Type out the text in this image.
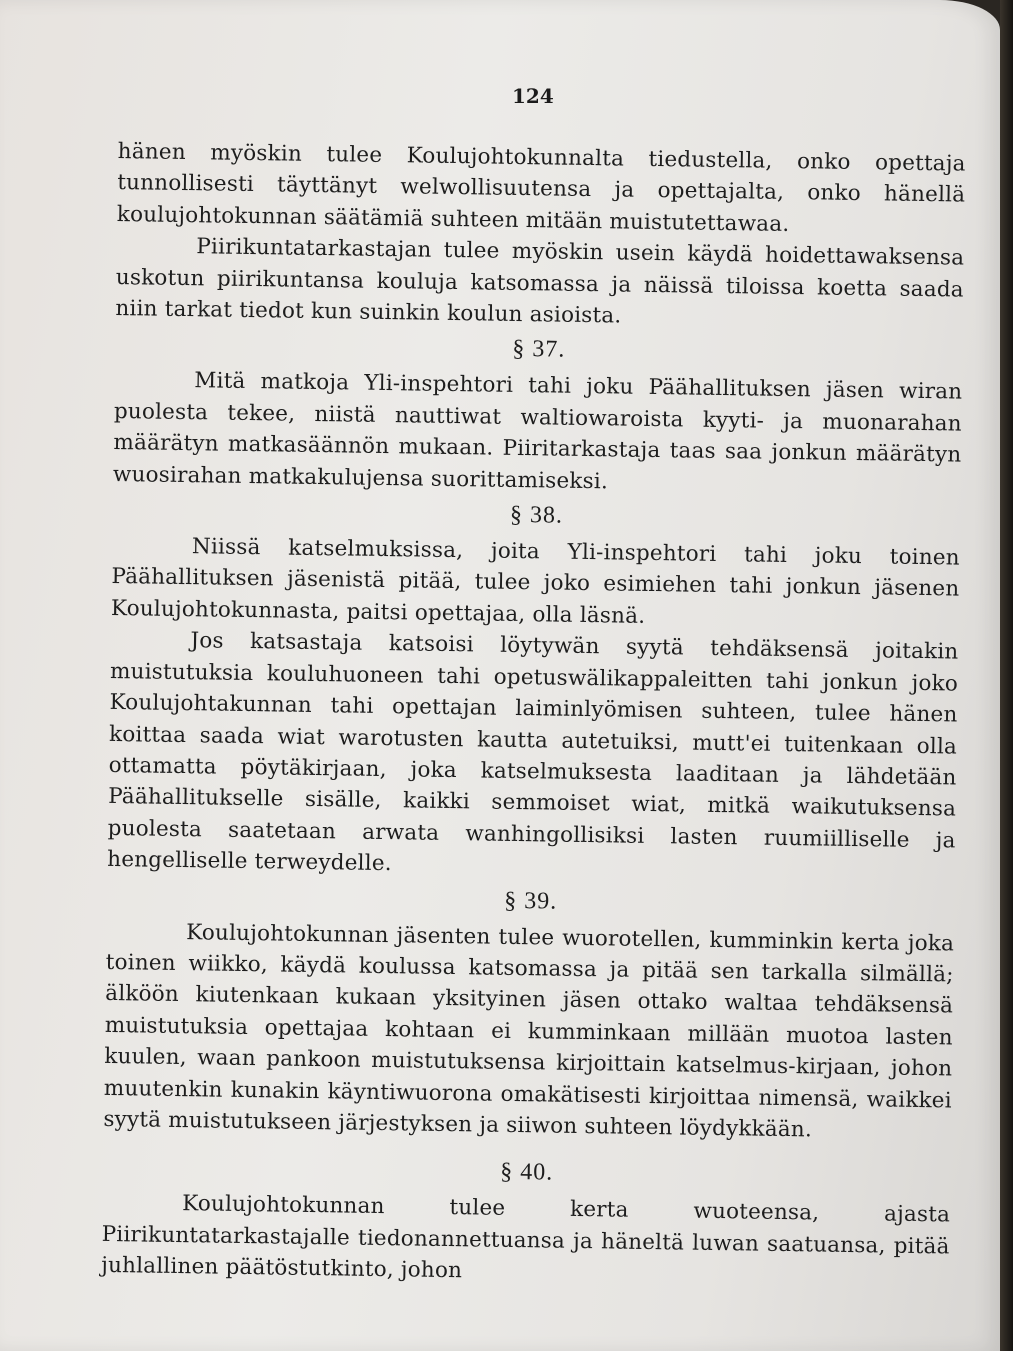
124

hänen myöskin tulee Koulujohtokunnalta tiedustella, onko opettaja tunnollisesti täyttänyt welwollisuutensa ja opettajalta, onko hänellä koulujohtokunnan säätämiä suhteen mitään muistutettawaa.

Piirikuntatarkastajan tulee myöskin usein käydä hoidettawaksensa uskotun piirikuntansa kouluja katsomassa ja näissä tiloissa koetta saada niin tarkat tiedot kun suinkin koulun asioista.

§ 37.

Mitä matkoja Yli-inspehtori tahi joku Päähallituksen jäsen wiran puolesta tekee, niistä nauttiwat waltiowaroista kyyti- ja muonarahan määrätyn matkasäännön mukaan. Piiritarkastaja taas saa jonkun määrätyn wuosirahan matkakulujensa suorittamiseksi.

§ 38.

Niissä katselmuksissa, joita Yli-inspehtori tahi joku toinen Päähallituksen jäsenistä pitää, tulee joko esimiehen tahi jonkun jäsenen Koulujohtokunnasta, paitsi opettajaa, olla läsnä.

Jos katsastaja katsoisi löytywän syytä tehdäksensä joitakin muistutuksia kouluhuoneen tahi opetuswälikappaleitten tahi jonkun joko Koulujohtakunnan tahi opettajan laiminlyömisen suhteen, tulee hänen koittaa saada wiat warotusten kautta autetuiksi, mutt'ei tuitenkaan olla ottamatta pöytäkirjaan, joka katselmuksesta laaditaan ja lähdetään Päähallitukselle sisälle, kaikki semmoiset wiat, mitkä waikutuksensa puolesta saatetaan arwata wanhingollisiksi lasten ruumiilliselle ja hengelliselle terweydelle.

§ 39.

Koulujohtokunnan jäsenten tulee wuorotellen, kumminkin kerta joka toinen wiikko, käydä koulussa katsomassa ja pitää sen tarkalla silmällä; älköön kiutenkaan kukaan yksityinen jäsen ottako waltaa tehdäksensä muistutuksia opettajaa kohtaan ei kumminkaan millään muotoa lasten kuulen, waan pankoon muistutuksensa kirjoittain katselmus-kirjaan, johon muutenkin kunakin käyntiwuorona omakätisesti kirjoittaa nimensä, waikkei syytä muistutukseen järjestyksen ja siiwon suhteen löydykkään.

§ 40.

Koulujohtokunnan tulee kerta wuoteensa, ajasta Piirikuntatarkastajalle tiedonannettuansa ja häneltä luwan saatuansa, pitää juhlallinen päätöstutkinto, johon
